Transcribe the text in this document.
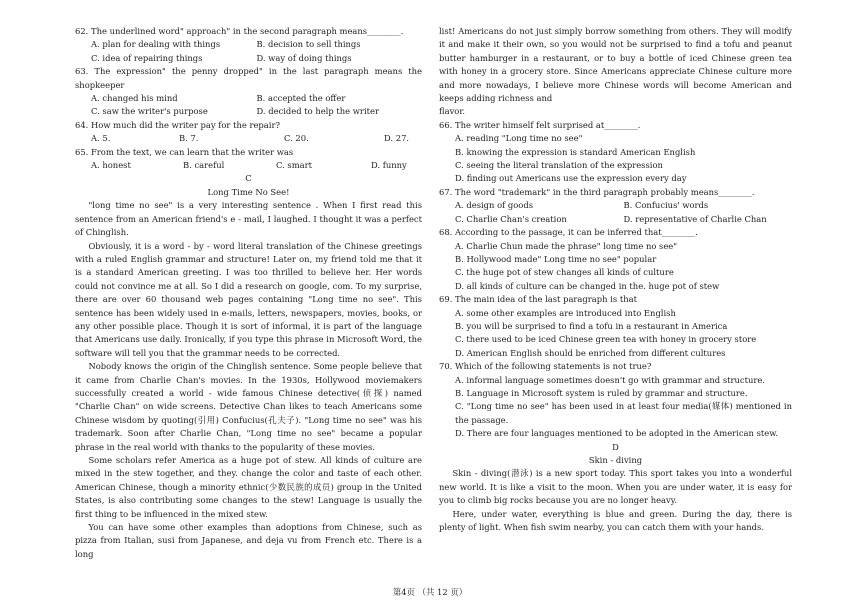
62. The underlined word" approach" in the second paragraph means________.

A. plan for dealing with things	B. decision to sell things
C. idea of repairing things	D. way of doing things

63. The expression" the penny dropped" in the last paragraph means the shopkeeper

A. changed his mind	B. accepted the offer
C. saw the writer's purpose	D. decided to help the writer

64. How much did the writer pay for the repair?

A. 5.	B. 7.	C. 20.	D. 27.

65. From the text, we can learn that the writer was

A. honest	B. careful	C. smart	D. funny

C

Long Time No See!

"long time no see" is a very interesting sentence . When I first read this sentence from an American friend's e - mail, I laughed. I thought it was a perfect of Chinglish.

Obviously, it is a word - by - word literal translation of the Chinese greetings with a ruled English grammar and structure! Later on, my friend told me that it is a standard American greeting. I was too thrilled to believe her. Her words could not convince me at all. So I did a research on google, com. To my surprise, there are over 60 thousand web pages containing "Long time no see". This sentence has been widely used in e-mails, letters, newspapers, movies, books, or any other possible place. Though it is sort of informal, it is part of the language that Americans use daily. Ironically, if you type this phrase in Microsoft Word, the software will tell you that the grammar needs to be corrected.

Nobody knows the origin of the Chinglish sentence. Some people believe that it came from Charlie Chan's movies. In the 1930s, Hollywood moviemakers successfully created a world - wide famous Chinese detective(侦探) named "Charlie Chan" on wide screens. Detective Chan likes to teach Americans some Chinese wisdom by quoting(引用) Confucius(孔夫子). "Long time no see" was his trademark. Soon after Charlie Chan, "Long time no see" became a popular phrase in the real world with thanks to the popularity of these movies.

Some scholars refer America as a huge pot of stew. All kinds of culture are mixed in the stew together, and they. change the color and taste of each other. American Chinese, though a minority ethnic(少数民族的成员) group in the United States, is also contributing some changes to the stew! Language is usually the first thing to be influenced in the mixed stew.

You can have some other examples than adoptions from Chinese, such as pizza from Italian, susi from Japanese, and deja vu from French etc. There is a long

list! Americans do not just simply borrow something from others. They will modify it and make it their own, so you would not be surprised to find a tofu and peanut butter hamburger in a restaurant, or to buy a bottle of iced Chinese green tea with honey in a grocery store. Since Americans appreciate Chinese culture more and more nowadays, I believe more Chinese words will become American and keeps adding richness and

flavor.

66. The writer himself felt surprised at________.

A. reading "Long time no see"

B. knowing the expression is standard American English

C. seeing the literal translation of the expression

D. finding out Americans use the expression every day

67. The word "trademark" in the third paragraph probably means________.

A. design of goods	B. Confucius' words
C. Charlie Chan's creation	D. representative of Charlie Chan

68. According to the passage, it can be inferred that________.

A. Charlie Chun made the phrase" long time no see"

B. Hollywood made" Long time no see" popular

C. the huge pot of stew changes all kinds of culture

D. all kinds of culture can be changed in the. huge pot of stew

69. The main idea of the last paragraph is that

A. some other examples are introduced into English

B. you will be surprised to find a tofu in a restaurant in America

C. there used to be iced Chinese green tea with honey in grocery store

D. American English should be enriched from different cultures

70. Which of the following statements is not true?

A. informal language sometimes doesn't go with grammar and structure.

B. Language in Microsoft system is ruled by grammar and structure.

C. "Long time no see" has been used in at least four media(媒体) mentioned in the passage.

D. There are four languages mentioned to be adopted in the American stew.

D

Skin - diving

Skin - diving(潜泳) is a new sport today. This sport takes you into a wonderful new world. It is like a visit to the moon. When you are under water, it is easy for you to climb big rocks because you are no longer heavy.

Here, under water, everything is blue and green. During the day, there is plenty of light. When fish swim nearby, you can catch them with your hands.

第4页 （共 12 页）
